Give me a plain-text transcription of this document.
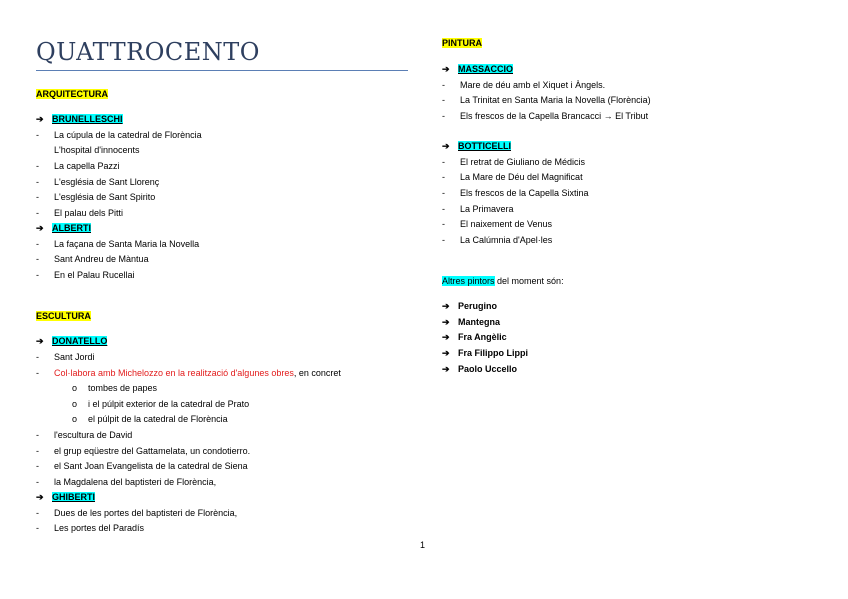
QUATTROCENTO
ARQUITECTURA
➔ BRUNELLESCHI
- La cúpula de la catedral de Florència
L'hospital d'innocents
- La capella Pazzi
- L'església de Sant Llorenç
- L'església de Sant Spirito
- El palau dels Pitti
➔ ALBERTI
- La façana de Santa Maria la Novella
- Sant Andreu de Màntua
- En el Palau Rucellai
ESCULTURA
➔ DONATELLO
- Sant Jordi
- Col·labora amb Michelozzo en la realització d'algunes obres, en concret
o tombes de papes
o i el púlpit exterior de la catedral de Prato
o el púlpit de la catedral de Florència
- l'escultura de David
- el grup eqüestre del Gattamelata, un condotierro.
- el Sant Joan Evangelista de la catedral de Siena
- la Magdalena del baptisteri de Florència,
➔ GHIBERTI
- Dues de les portes del baptisteri de Florència,
- Les portes del Paradís
PINTURA
➔ MASSACCIO
- Mare de déu amb el Xiquet i Àngels.
- La Trinitat en Santa Maria la Novella (Florència)
- Els frescos de la Capella Brancacci → El Tribut
➔ BOTTICELLI
- El retrat de Giuliano de Médicis
- La Mare de Déu del Magnificat
- Els frescos de la Capella Sixtina
- La Primavera
- El naixement de Venus
- La Calúmnia d'Apel·les
Altres pintors del moment són:
➔ Perugino
➔ Mantegna
➔ Fra Angèlic
➔ Fra Filippo Lippi
➔ Paolo Uccello
1
